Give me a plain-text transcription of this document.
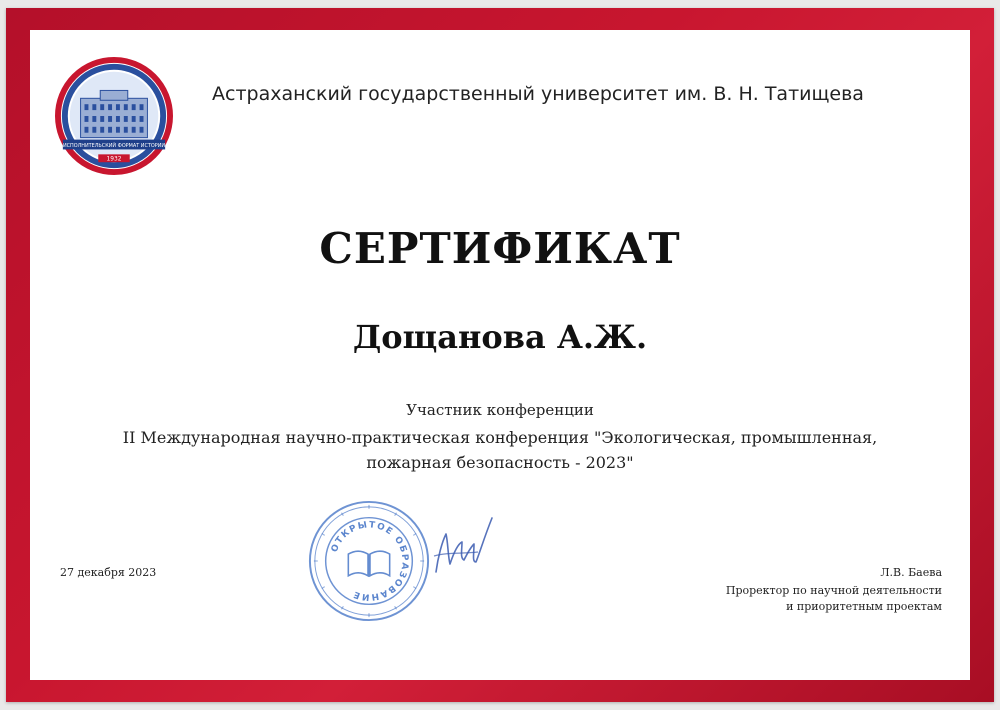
ИСПОЛНИТЕЛЬСКИЙ ФОРМАТ ИСТОРИИ
1932
Астраханский государственный университет им. В. Н. Татищева
СЕРТИФИКАТ
Дощанова А.Ж.
Участник конференции
II Международная научно-практическая конференция "Экологическая, промышленная,
пожарная безопасность - 2023"
27 декабря 2023
ОТКРЫТОЕ ОБРАЗОВАНИЕ
Л.В. Баева
Проректор по научной деятельности
и приоритетным проектам
